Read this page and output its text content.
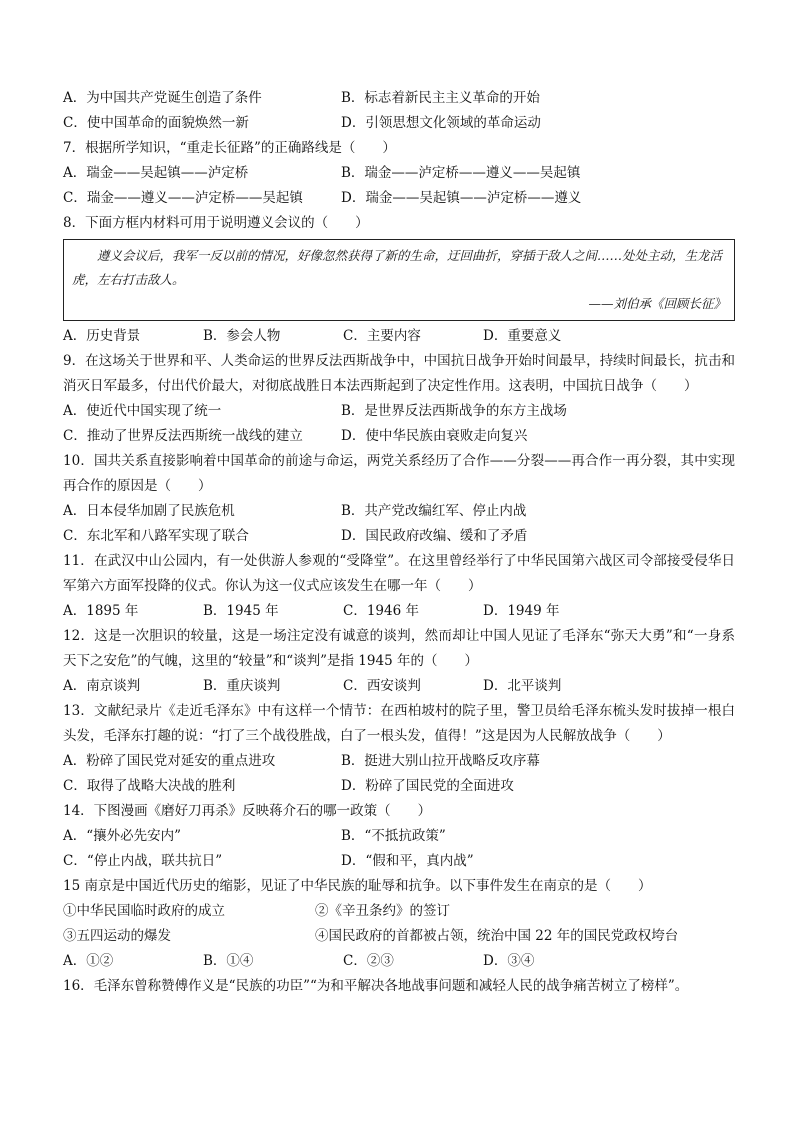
A．为中国共产党诞生创造了条件	B．标志着新民主主义革命的开始
C．使中国革命的面貌焕然一新	D．引领思想文化领域的革命运动
7．根据所学知识，“重走长征路”的正确路线是（　　）
A．瑞金——吴起镇——泸定桥	B．瑞金——泸定桥——遵义——吴起镇
C．瑞金——遵义——泸定桥——吴起镇	D．瑞金——吴起镇——泸定桥——遵义
8．下面方框内材料可用于说明遵义会议的（　　）
遵义会议后，我军一反以前的情况，好像忽然获得了新的生命，迂回曲折，穿插于敌人之间……处处主动，生龙活虎，左右打击敌人。
——刘伯承《回顾长征》
A．历史背景	B．参会人物	C．主要内容	D．重要意义
9．在这场关于世界和平、人类命运的世界反法西斯战争中，中国抗日战争开始时间最早，持续时间最长，抗击和消灭日军最多，付出代价最大，对彻底战胜日本法西斯起到了决定性作用。这表明，中国抗日战争（　　）
A．使近代中国实现了统一	B．是世界反法西斯战争的东方主战场
C．推动了世界反法西斯统一战线的建立	D．使中华民族由衰败走向复兴
10．国共关系直接影响着中国革命的前途与命运，两党关系经历了合作——分裂——再合作一再分裂，其中实现再合作的原因是（　　）
A．日本侵华加剧了民族危机	B．共产党改编红军、停止内战
C．东北军和八路军实现了联合	D．国民政府改编、缓和了矛盾
11．在武汉中山公园内，有一处供游人参观的“受降堂”。在这里曾经举行了中华民国第六战区司令部接受侵华日军第六方面军投降的仪式。你认为这一仪式应该发生在哪一年（　　）
A．1895 年	B．1945 年	C．1946 年	D．1949 年
12．这是一次胆识的较量，这是一场注定没有诚意的谈判，然而却让中国人见证了毛泽东“弥天大勇”和“一身系天下之安危”的气魄，这里的“较量”和“谈判”是指 1945 年的（　　）
A．南京谈判	B．重庆谈判	C．西安谈判	D．北平谈判
13．文献纪录片《走近毛泽东》中有这样一个情节：在西柏坡村的院子里，警卫员给毛泽东梳头发时拔掉一根白头发，毛泽东打趣的说：“打了三个战役胜战，白了一根头发，值得！”这是因为人民解放战争（　　）
A．粉碎了国民党对延安的重点进攻	B．挺进大别山拉开战略反攻序幕
C．取得了战略大决战的胜利	D．粉碎了国民党的全面进攻
14．下图漫画《磨好刀再杀》反映蒋介石的哪一政策（　　）
A．“攘外必先安内”	B．“不抵抗政策”
C．“停止内战，联共抗日”	D．“假和平，真内战”
15 南京是中国近代历史的缩影，见证了中华民族的耻辱和抗争。以下事件发生在南京的是（　　）
①中华民国临时政府的成立	②《辛丑条约》的签订
③五四运动的爆发	④国民政府的首都被占领，统治中国 22 年的国民党政权垮台
A．①②	B．①④	C．②③	D．③④
16．毛泽东曾称赞傅作义是“民族的功臣”“为和平解决各地战事问题和减轻人民的战争痛苦树立了榜样”。
